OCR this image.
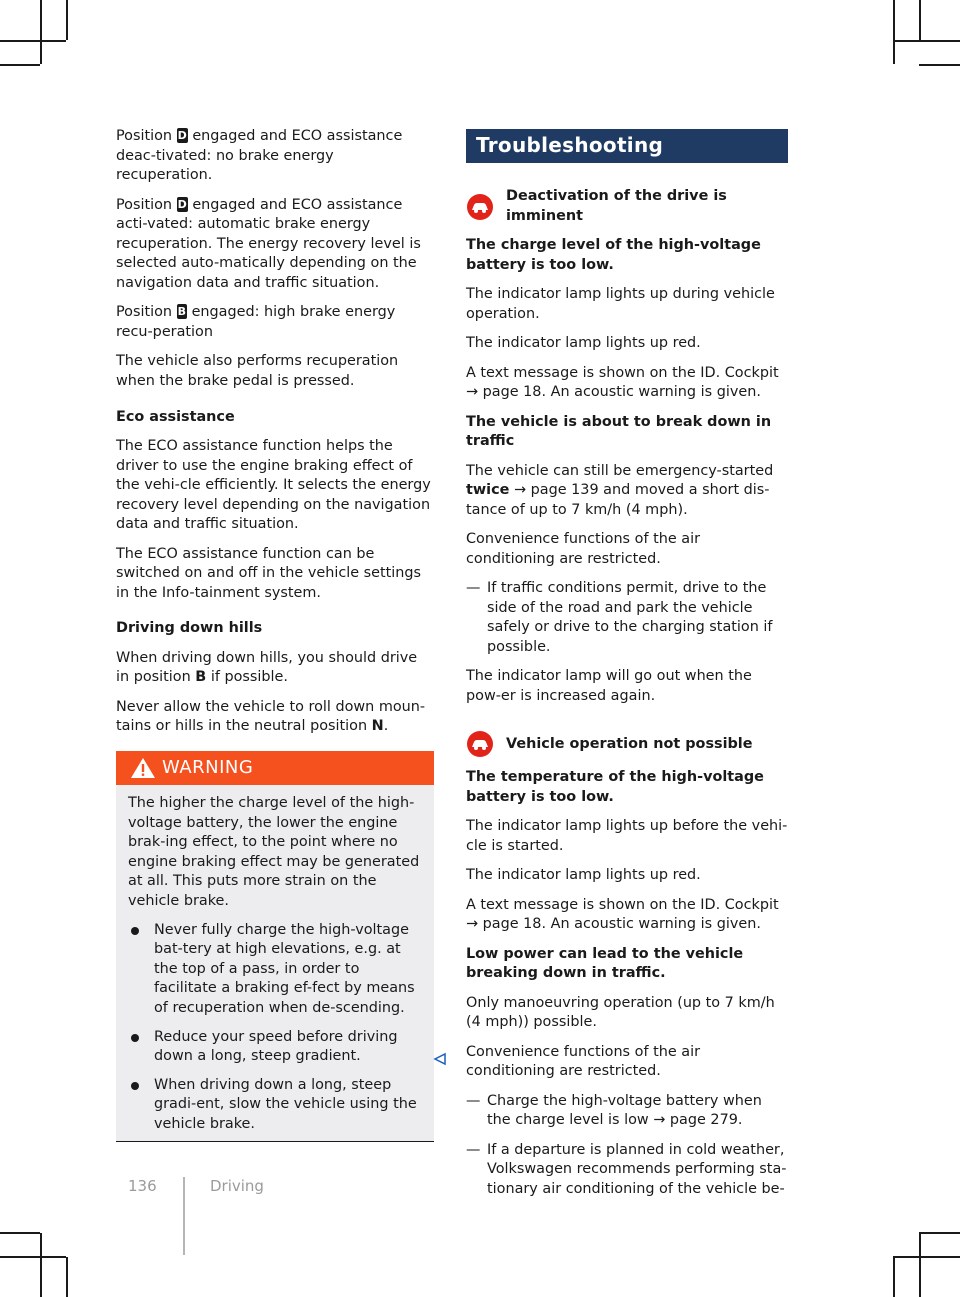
Position D engaged and ECO assistance deac-tivated: no brake energy recuperation.

Position D engaged and ECO assistance acti-vated: automatic brake energy recuperation. The energy recovery level is selected auto-matically depending on the navigation data and traffic situation.

Position B engaged: high brake energy recu-peration

The vehicle also performs recuperation when the brake pedal is pressed.

Eco assistance

The ECO assistance function helps the driver to use the engine braking effect of the vehi-cle efficiently. It selects the energy recovery level depending on the navigation data and traffic situation.

The ECO assistance function can be switched on and off in the vehicle settings in the Info-tainment system.

Driving down hills

When driving down hills, you should drive in position B if possible.

Never allow the vehicle to roll down moun-tains or hills in the neutral position N.

WARNING

The higher the charge level of the high-voltage battery, the lower the engine brak-ing effect, to the point where no engine braking effect may be generated at all. This puts more strain on the vehicle brake.

Never fully charge the high-voltage bat-tery at high elevations, e.g. at the top of a pass, in order to facilitate a braking ef-fect by means of recuperation when de-scending.
Reduce your speed before driving down a long, steep gradient.
When driving down a long, steep gradi-ent, slow the vehicle using the vehicle brake.
Troubleshooting
Deactivation of the drive is imminent

The charge level of the high-voltage battery is too low.

The indicator lamp lights up during vehicle operation.

The indicator lamp lights up red.

A text message is shown on the ID. Cockpit
→ page 18. An acoustic warning is given.

The vehicle is about to break down in traffic

The vehicle can still be emergency-started twice → page 139 and moved a short dis-tance of up to 7 km/h (4 mph).

Convenience functions of the air conditioning are restricted.

— If traffic conditions permit, drive to the side of the road and park the vehicle safely or drive to the charging station if possible.

The indicator lamp will go out when the pow-er is increased again.

Vehicle operation not possible

The temperature of the high-voltage battery is too low.

The indicator lamp lights up before the vehi-cle is started.

The indicator lamp lights up red.

A text message is shown on the ID. Cockpit
→ page 18. An acoustic warning is given.

Low power can lead to the vehicle breaking down in traffic.

Only manoeuvring operation (up to 7 km/h (4 mph)) possible.

Convenience functions of the air conditioning are restricted.

— Charge the high-voltage battery when the charge level is low → page 279.
— If a departure is planned in cold weather, Volkswagen recommends performing sta-tionary air conditioning of the vehicle be-
136	Driving
